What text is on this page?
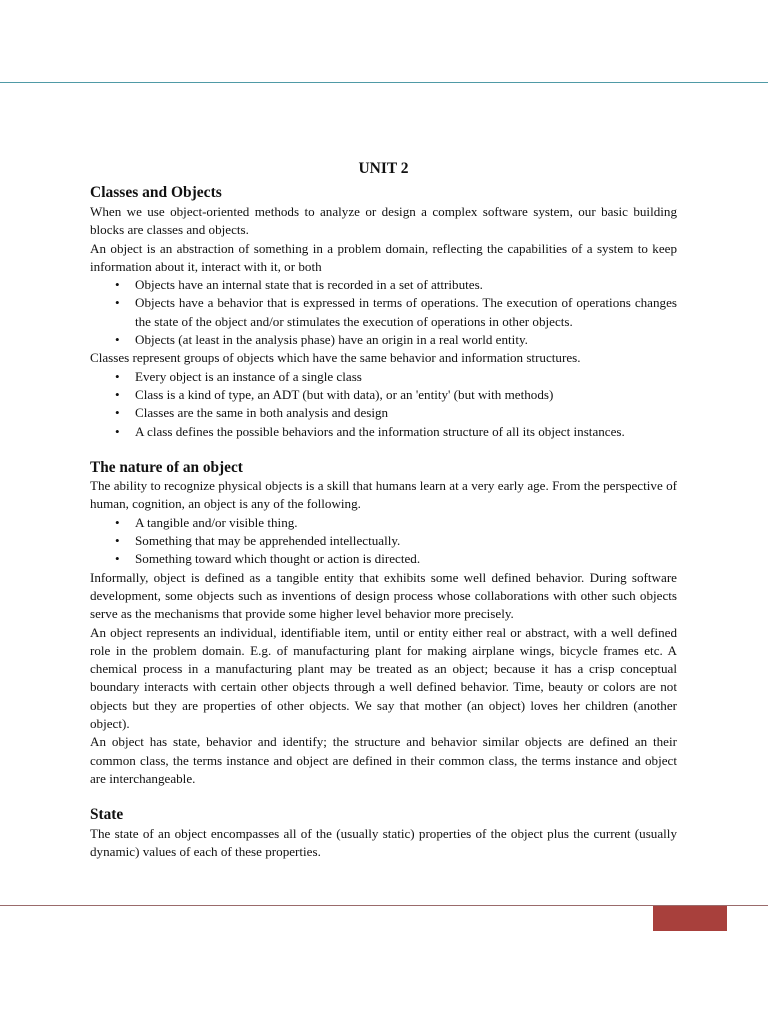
UNIT 2
Classes and Objects

When we use object-oriented methods to analyze or design a complex software system, our basic building blocks are classes and objects.

An object is an abstraction of something in a problem domain, reflecting the capabilities of a system to keep information about it, interact with it, or both

• Objects have an internal state that is recorded in a set of attributes.
• Objects have a behavior that is expressed in terms of operations. The execution of operations changes the state of the object and/or stimulates the execution of operations in other objects.
• Objects (at least in the analysis phase) have an origin in a real world entity.

Classes represent groups of objects which have the same behavior and information structures.

• Every object is an instance of a single class
• Class is a kind of type, an ADT (but with data), or an 'entity' (but with methods)
• Classes are the same in both analysis and design
• A class defines the possible behaviors and the information structure of all its object instances.
The nature of an object

The ability to recognize physical objects is a skill that humans learn at a very early age. From the perspective of human, cognition, an object is any of the following.

• A tangible and/or visible thing.
• Something that may be apprehended intellectually.
• Something toward which thought or action is directed.

Informally, object is defined as a tangible entity that exhibits some well defined behavior. During software development, some objects such as inventions of design process whose collaborations with other such objects serve as the mechanisms that provide some higher level behavior more precisely.

An object represents an individual, identifiable item, until or entity either real or abstract, with a well defined role in the problem domain. E.g. of manufacturing plant for making airplane wings, bicycle frames etc. A chemical process in a manufacturing plant may be treated as an object; because it has a crisp conceptual boundary interacts with certain other objects through a well defined behavior. Time, beauty or colors are not objects but they are properties of other objects. We say that mother (an object) loves her children (another object).

An object has state, behavior and identify; the structure and behavior similar objects are defined an their common class, the terms instance and object are defined in their common class, the terms instance and object are interchangeable.

State

The state of an object encompasses all of the (usually static) properties of the object plus the current (usually dynamic) values of each of these properties.
